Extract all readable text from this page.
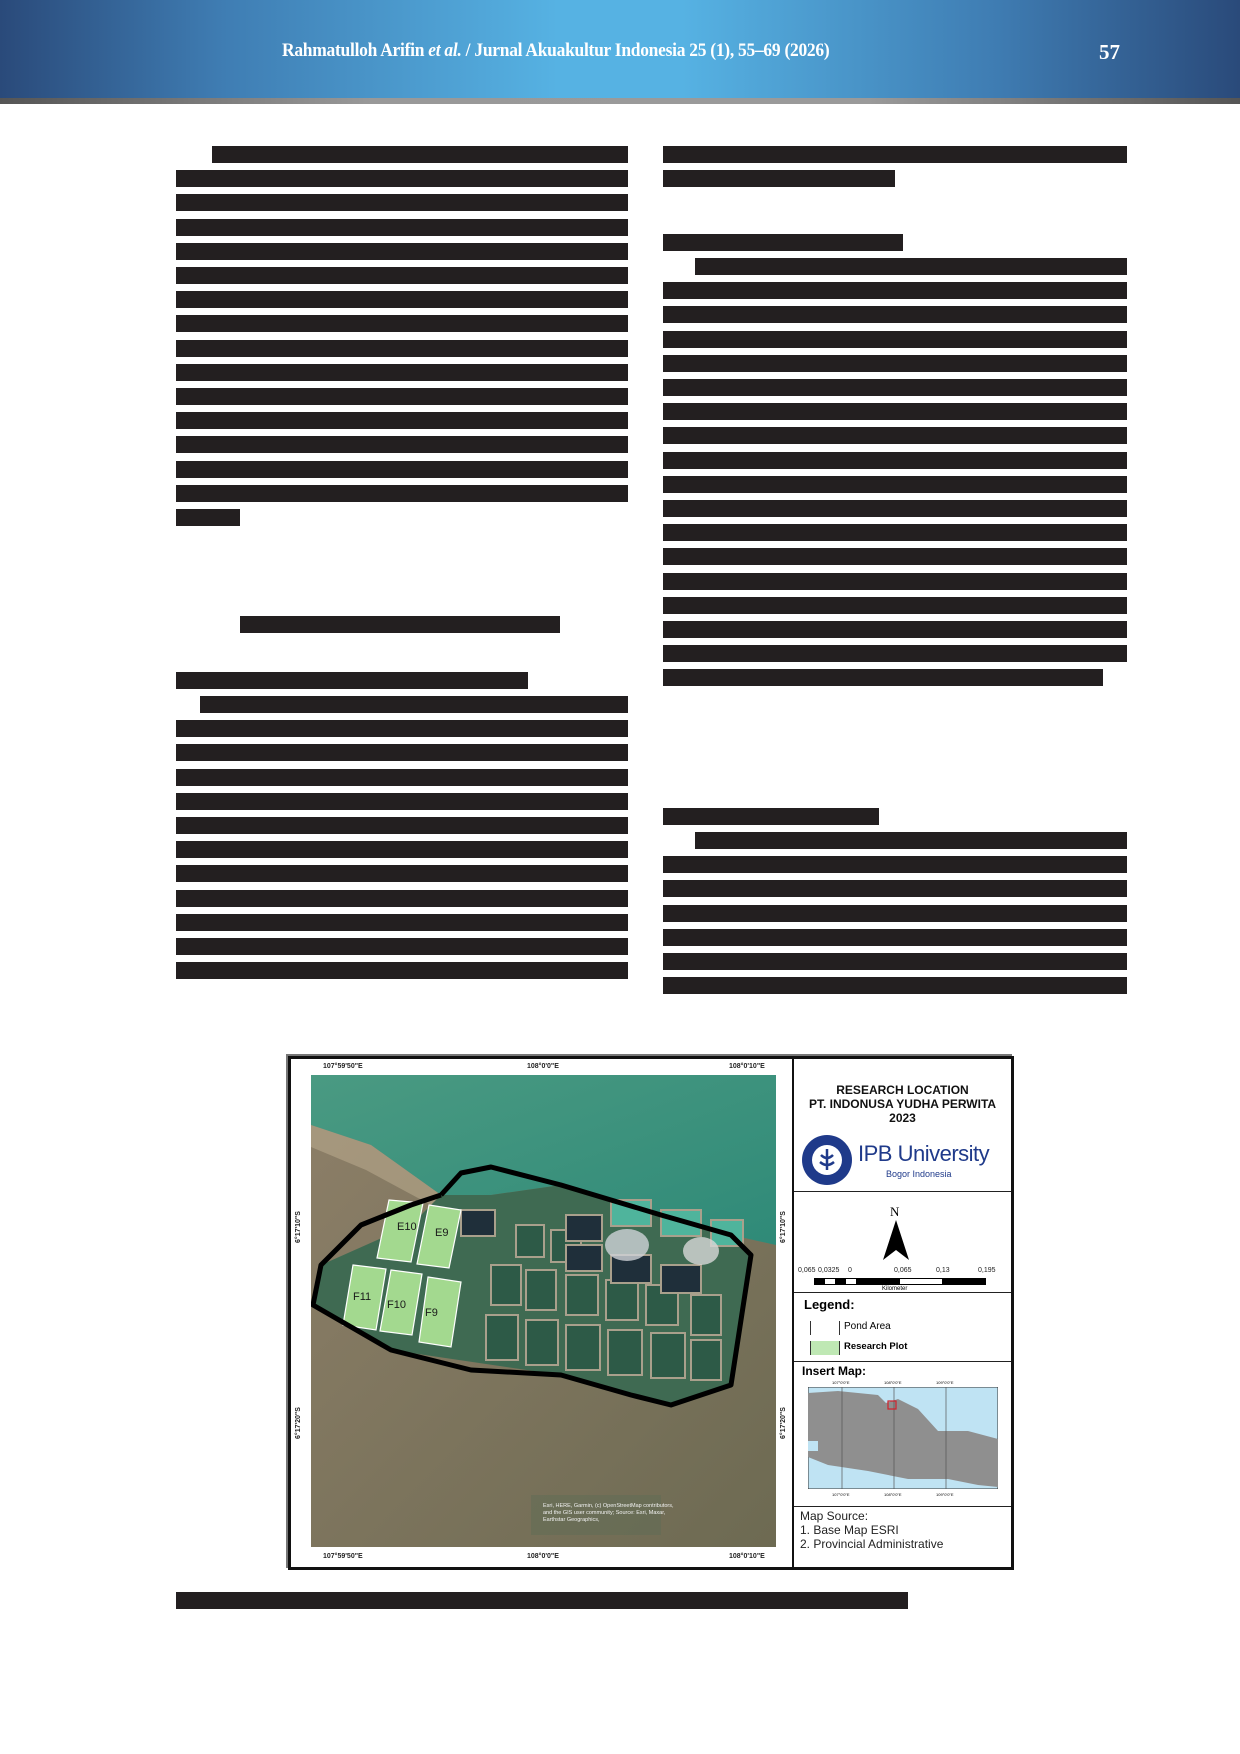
Rahmatulloh Arifin et al. / Jurnal Akuakultur Indonesia 25 (1), 55–69 (2026)	57
107°59'50"E	108°0'0"E	108°0'10"E
107°59'50"E	108°0'0"E	108°0'10"E
6°17'10"S
6°17'20"S
6°17'10"S
6°17'20"S
E10 E9
F11
F10
F9
Esri, HERE, Garmin, (c) OpenStreetMap contributors, and the GIS user community; Source: Esri, Maxar, Earthstar Geographics,
RESEARCH LOCATION
PT. INDONUSA YUDHA PERWITA
2023
IPB University
Bogor Indonesia
N
0,065 0,0325 0	0,065	0,13	0,195
Kilometer
Legend:
Pond Area
Research Plot
Insert Map:
107°0'0"E	108°0'0"E	109°0'0"E
107°0'0"E	108°0'0"E	109°0'0"E
Map Source:
1. Base Map ESRI
2. Provincial Administrative
